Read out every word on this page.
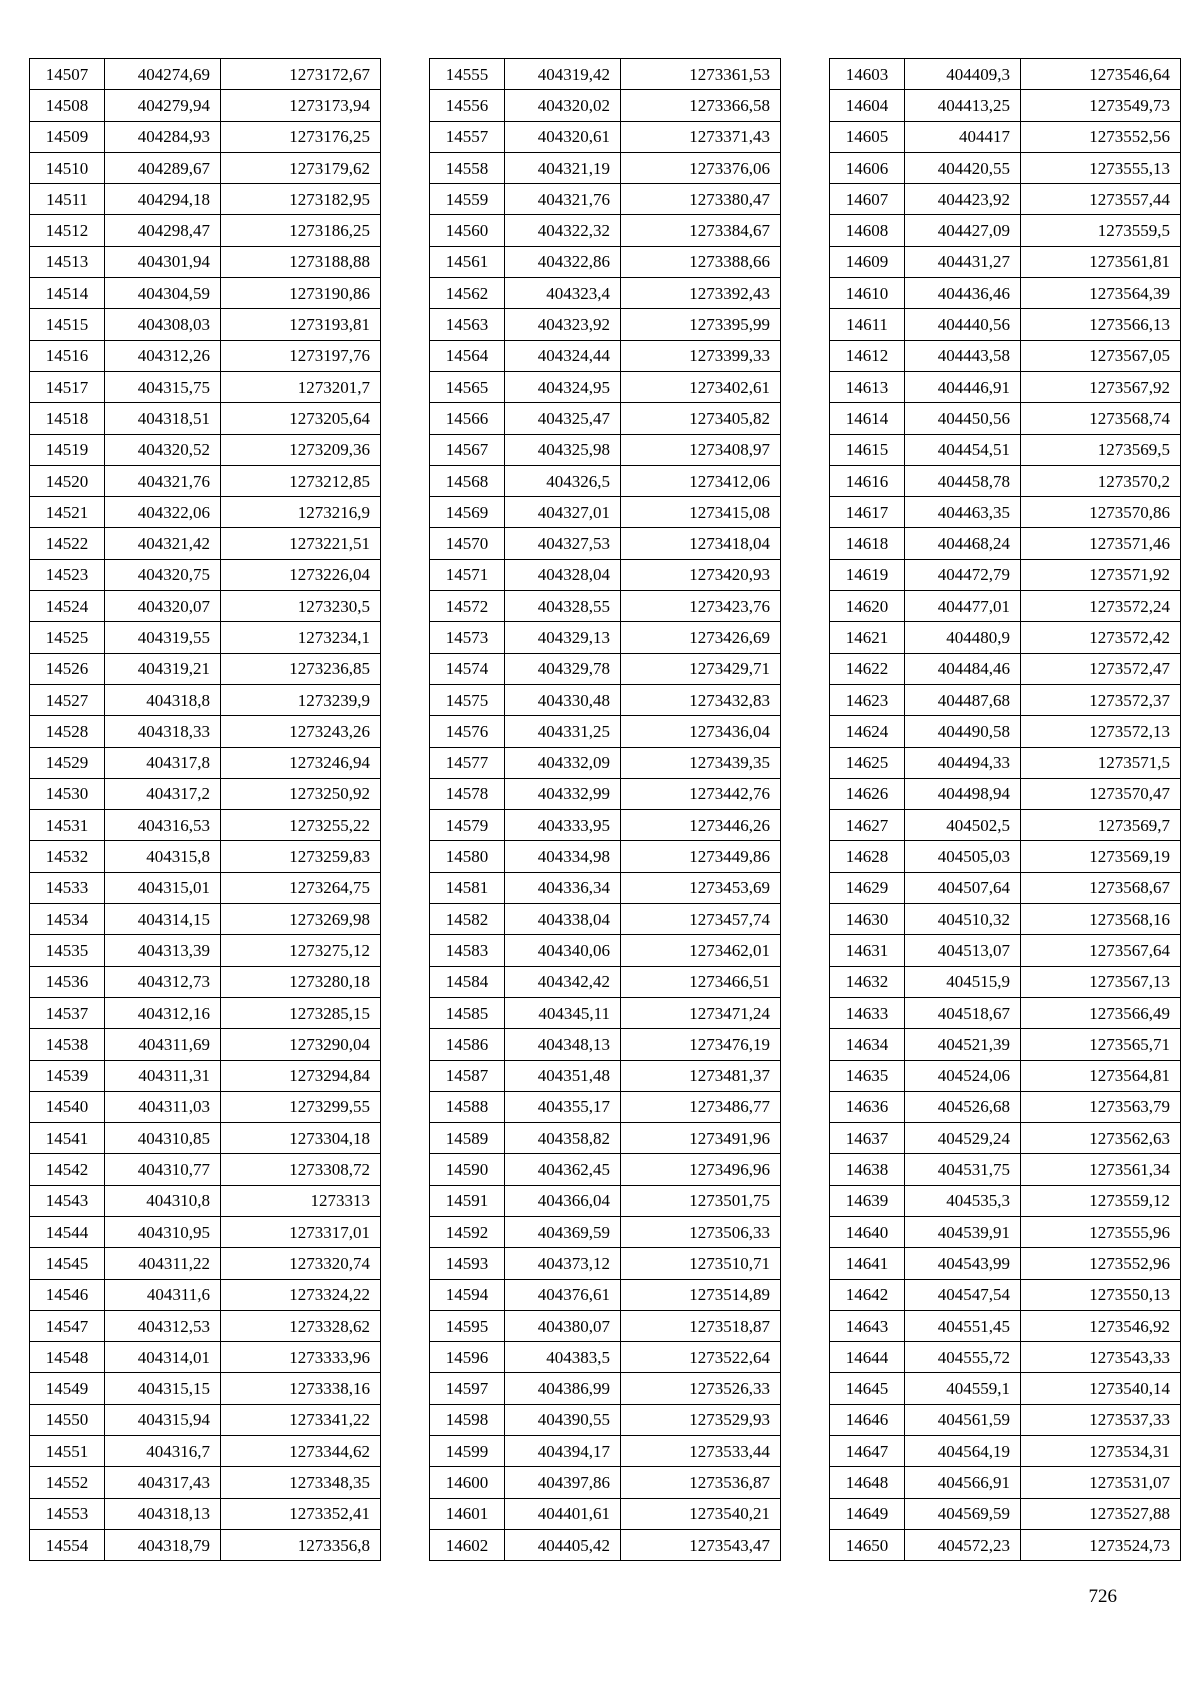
14507	404274,69	1273172,67
14508	404279,94	1273173,94
14509	404284,93	1273176,25
14510	404289,67	1273179,62
14511	404294,18	1273182,95
14512	404298,47	1273186,25
14513	404301,94	1273188,88
14514	404304,59	1273190,86
14515	404308,03	1273193,81
14516	404312,26	1273197,76
14517	404315,75	1273201,7
14518	404318,51	1273205,64
14519	404320,52	1273209,36
14520	404321,76	1273212,85
14521	404322,06	1273216,9
14522	404321,42	1273221,51
14523	404320,75	1273226,04
14524	404320,07	1273230,5
14525	404319,55	1273234,1
14526	404319,21	1273236,85
14527	404318,8	1273239,9
14528	404318,33	1273243,26
14529	404317,8	1273246,94
14530	404317,2	1273250,92
14531	404316,53	1273255,22
14532	404315,8	1273259,83
14533	404315,01	1273264,75
14534	404314,15	1273269,98
14535	404313,39	1273275,12
14536	404312,73	1273280,18
14537	404312,16	1273285,15
14538	404311,69	1273290,04
14539	404311,31	1273294,84
14540	404311,03	1273299,55
14541	404310,85	1273304,18
14542	404310,77	1273308,72
14543	404310,8	1273313
14544	404310,95	1273317,01
14545	404311,22	1273320,74
14546	404311,6	1273324,22
14547	404312,53	1273328,62
14548	404314,01	1273333,96
14549	404315,15	1273338,16
14550	404315,94	1273341,22
14551	404316,7	1273344,62
14552	404317,43	1273348,35
14553	404318,13	1273352,41
14554	404318,79	1273356,8
14555	404319,42	1273361,53
14556	404320,02	1273366,58
14557	404320,61	1273371,43
14558	404321,19	1273376,06
14559	404321,76	1273380,47
14560	404322,32	1273384,67
14561	404322,86	1273388,66
14562	404323,4	1273392,43
14563	404323,92	1273395,99
14564	404324,44	1273399,33
14565	404324,95	1273402,61
14566	404325,47	1273405,82
14567	404325,98	1273408,97
14568	404326,5	1273412,06
14569	404327,01	1273415,08
14570	404327,53	1273418,04
14571	404328,04	1273420,93
14572	404328,55	1273423,76
14573	404329,13	1273426,69
14574	404329,78	1273429,71
14575	404330,48	1273432,83
14576	404331,25	1273436,04
14577	404332,09	1273439,35
14578	404332,99	1273442,76
14579	404333,95	1273446,26
14580	404334,98	1273449,86
14581	404336,34	1273453,69
14582	404338,04	1273457,74
14583	404340,06	1273462,01
14584	404342,42	1273466,51
14585	404345,11	1273471,24
14586	404348,13	1273476,19
14587	404351,48	1273481,37
14588	404355,17	1273486,77
14589	404358,82	1273491,96
14590	404362,45	1273496,96
14591	404366,04	1273501,75
14592	404369,59	1273506,33
14593	404373,12	1273510,71
14594	404376,61	1273514,89
14595	404380,07	1273518,87
14596	404383,5	1273522,64
14597	404386,99	1273526,33
14598	404390,55	1273529,93
14599	404394,17	1273533,44
14600	404397,86	1273536,87
14601	404401,61	1273540,21
14602	404405,42	1273543,47
14603	404409,3	1273546,64
14604	404413,25	1273549,73
14605	404417	1273552,56
14606	404420,55	1273555,13
14607	404423,92	1273557,44
14608	404427,09	1273559,5
14609	404431,27	1273561,81
14610	404436,46	1273564,39
14611	404440,56	1273566,13
14612	404443,58	1273567,05
14613	404446,91	1273567,92
14614	404450,56	1273568,74
14615	404454,51	1273569,5
14616	404458,78	1273570,2
14617	404463,35	1273570,86
14618	404468,24	1273571,46
14619	404472,79	1273571,92
14620	404477,01	1273572,24
14621	404480,9	1273572,42
14622	404484,46	1273572,47
14623	404487,68	1273572,37
14624	404490,58	1273572,13
14625	404494,33	1273571,5
14626	404498,94	1273570,47
14627	404502,5	1273569,7
14628	404505,03	1273569,19
14629	404507,64	1273568,67
14630	404510,32	1273568,16
14631	404513,07	1273567,64
14632	404515,9	1273567,13
14633	404518,67	1273566,49
14634	404521,39	1273565,71
14635	404524,06	1273564,81
14636	404526,68	1273563,79
14637	404529,24	1273562,63
14638	404531,75	1273561,34
14639	404535,3	1273559,12
14640	404539,91	1273555,96
14641	404543,99	1273552,96
14642	404547,54	1273550,13
14643	404551,45	1273546,92
14644	404555,72	1273543,33
14645	404559,1	1273540,14
14646	404561,59	1273537,33
14647	404564,19	1273534,31
14648	404566,91	1273531,07
14649	404569,59	1273527,88
14650	404572,23	1273524,73
726
